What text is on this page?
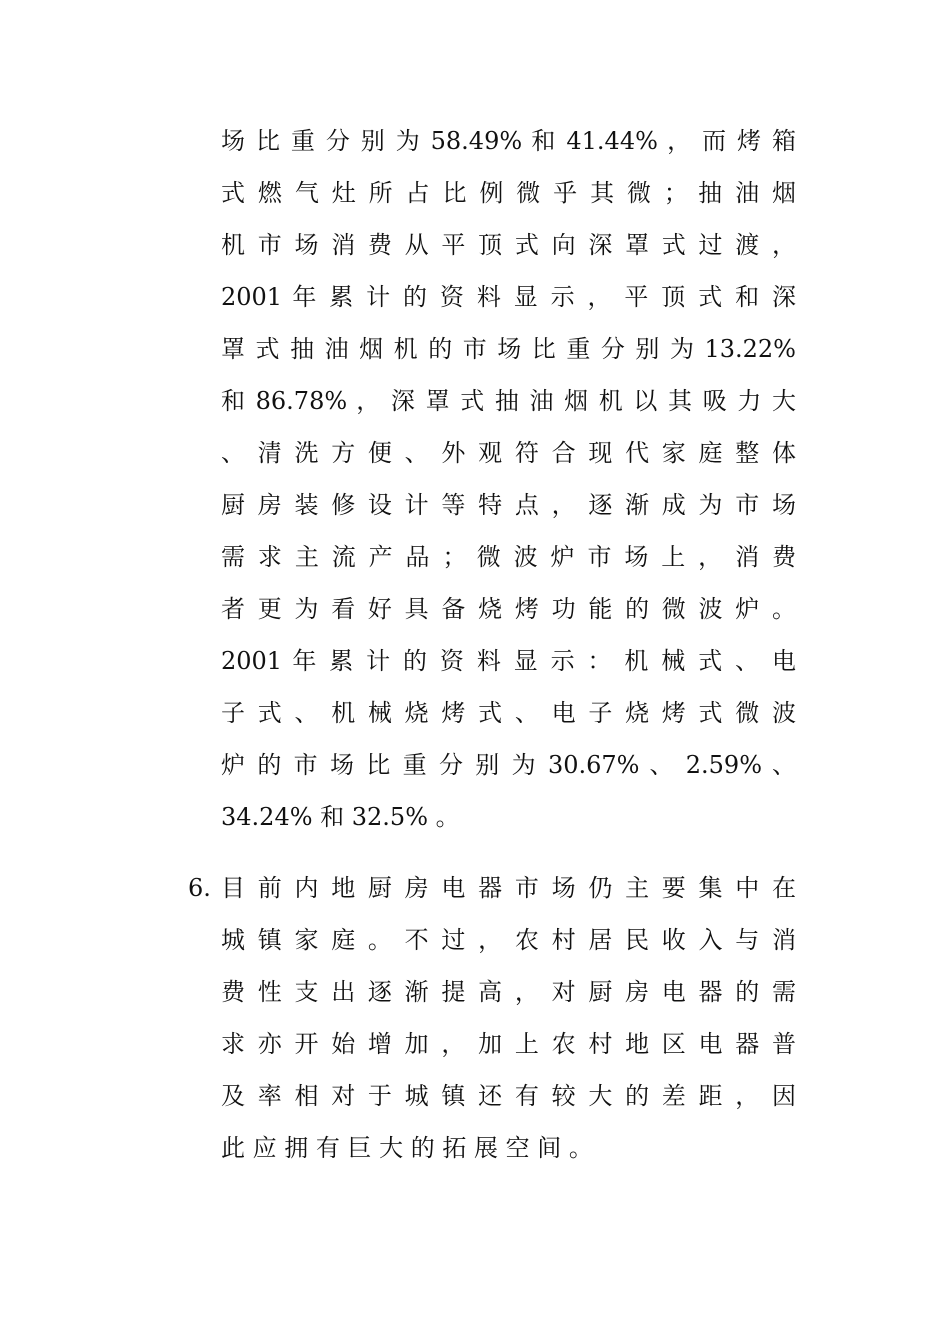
场 比 重 分 别 为 58.49% 和 41.44% ， 而 烤 箱
式 燃 气 灶 所 占 比 例 微 乎 其 微 ； 抽 油 烟
机 市 场 消 费 从 平 顶 式 向 深 罩 式 过 渡 ，
2001 年 累 计 的 资 料 显 示 ， 平 顶 式 和 深
罩 式 抽 油 烟 机 的 市 场 比 重 分 别 为 13.22%
和 86.78% ， 深 罩 式 抽 油 烟 机 以 其 吸 力 大
、 清 洗 方 便 、 外 观 符 合 现 代 家 庭 整 体
厨 房 装 修 设 计 等 特 点 ， 逐 渐 成 为 市 场
需 求 主 流 产 品 ； 微 波 炉 市 场 上 ， 消 费
者 更 为 看 好 具 备 烧 烤 功 能 的 微 波 炉 。
2001 年 累 计 的 资 料 显 示 ： 机 械 式 、 电
子 式 、 机 械 烧 烤 式 、 电 子 烧 烤 式 微 波
炉 的 市 场 比 重 分 别 为 30.67% 、 2.59% 、
34.24% 和 32.5% 。
6. 目 前 内 地 厨 房 电 器 市 场 仍 主 要 集 中 在
城 镇 家 庭 。 不 过 ， 农 村 居 民 收 入 与 消
费 性 支 出 逐 渐 提 高 ， 对 厨 房 电 器 的 需
求 亦 开 始 增 加 ， 加 上 农 村 地 区 电 器 普
及 率 相 对 于 城 镇 还 有 较 大 的 差 距 ， 因
此 应 拥 有 巨 大 的 拓 展 空 间 。
